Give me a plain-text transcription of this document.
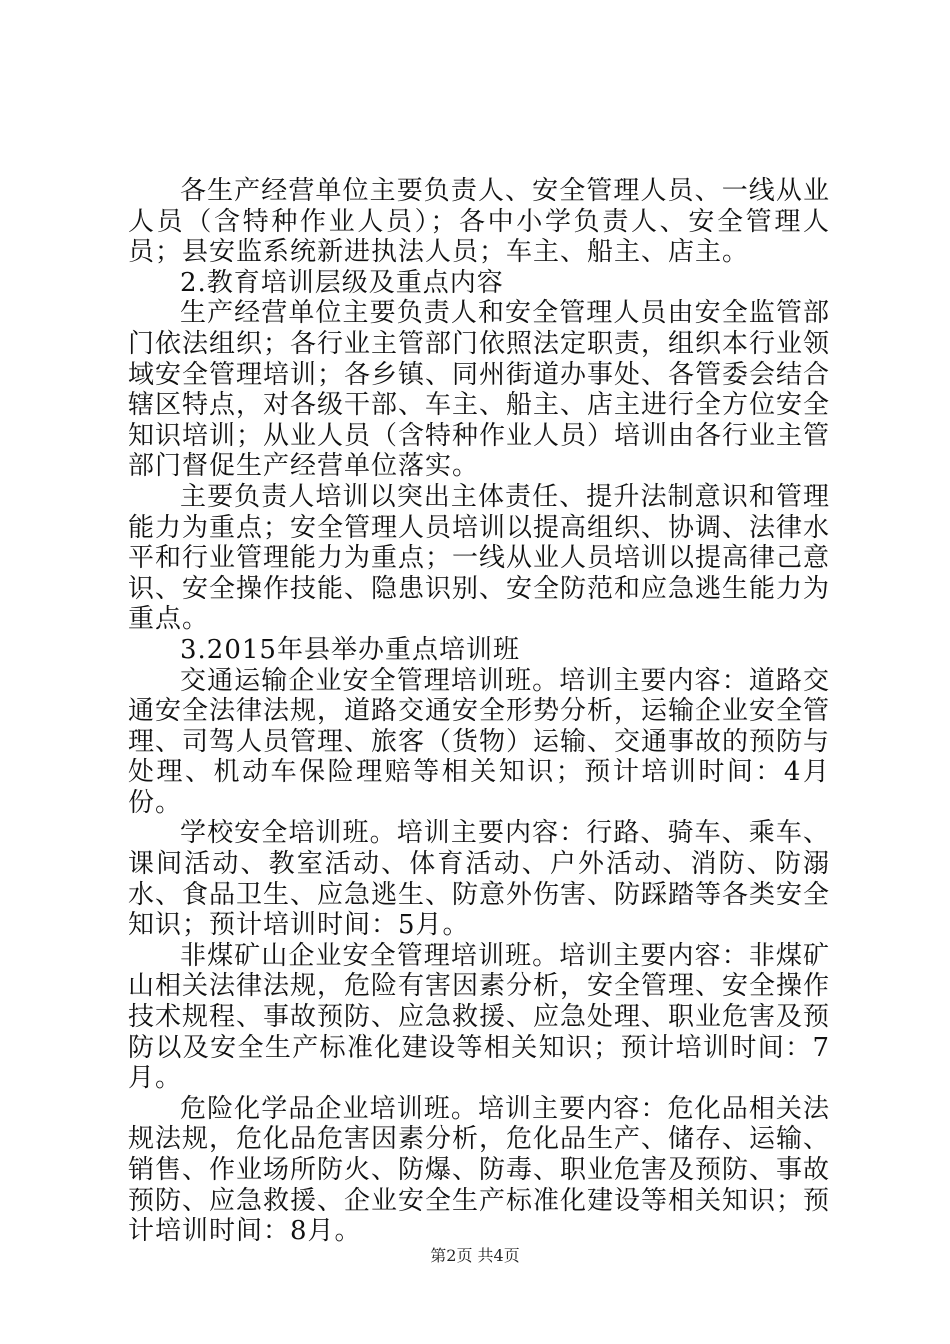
各生产经营单位主要负责人、安全管理人员、一线从业人员（含特种作业人员）；各中小学负责人、安全管理人员；县安监系统新进执法人员；车主、船主、店主。

2.教育培训层级及重点内容

生产经营单位主要负责人和安全管理人员由安全监管部门依法组织；各行业主管部门依照法定职责，组织本行业领域安全管理培训；各乡镇、同州街道办事处、各管委会结合辖区特点，对各级干部、车主、船主、店主进行全方位安全知识培训；从业人员（含特种作业人员）培训由各行业主管部门督促生产经营单位落实。

主要负责人培训以突出主体责任、提升法制意识和管理能力为重点；安全管理人员培训以提高组织、协调、法律水平和行业管理能力为重点；一线从业人员培训以提高律己意识、安全操作技能、隐患识别、安全防范和应急逃生能力为重点。

3.2015年县举办重点培训班

交通运输企业安全管理培训班。培训主要内容：道路交通安全法律法规，道路交通安全形势分析，运输企业安全管理、司驾人员管理、旅客（货物）运输、交通事故的预防与处理、机动车保险理赔等相关知识；预计培训时间：4月份。

学校安全培训班。培训主要内容：行路、骑车、乘车、课间活动、教室活动、体育活动、户外活动、消防、防溺水、食品卫生、应急逃生、防意外伤害、防踩踏等各类安全知识；预计培训时间：5月。

非煤矿山企业安全管理培训班。培训主要内容：非煤矿山相关法律法规，危险有害因素分析，安全管理、安全操作技术规程、事故预防、应急救援、应急处理、职业危害及预防以及安全生产标准化建设等相关知识；预计培训时间：7月。

危险化学品企业培训班。培训主要内容：危化品相关法规法规，危化品危害因素分析，危化品生产、储存、运输、销售、作业场所防火、防爆、防毒、职业危害及预防、事故预防、应急救援、企业安全生产标准化建设等相关知识；预计培训时间：8月。

第2页 共4页
